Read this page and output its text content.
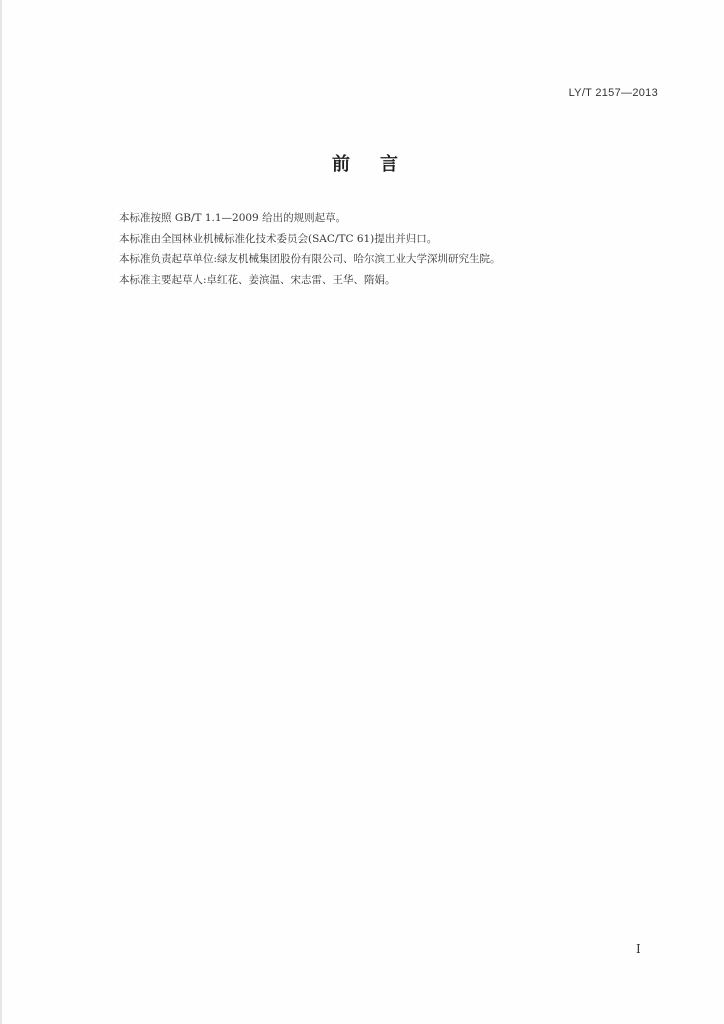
LY/T 2157—2013
前言
本标准按照 GB/T 1.1—2009 给出的规则起草。
本标准由全国林业机械标准化技术委员会(SAC/TC 61)提出并归口。
本标准负责起草单位:绿友机械集团股份有限公司、哈尔滨工业大学深圳研究生院。
本标准主要起草人:卓红花、姜滨温、宋志雷、王华、隋娟。
I
